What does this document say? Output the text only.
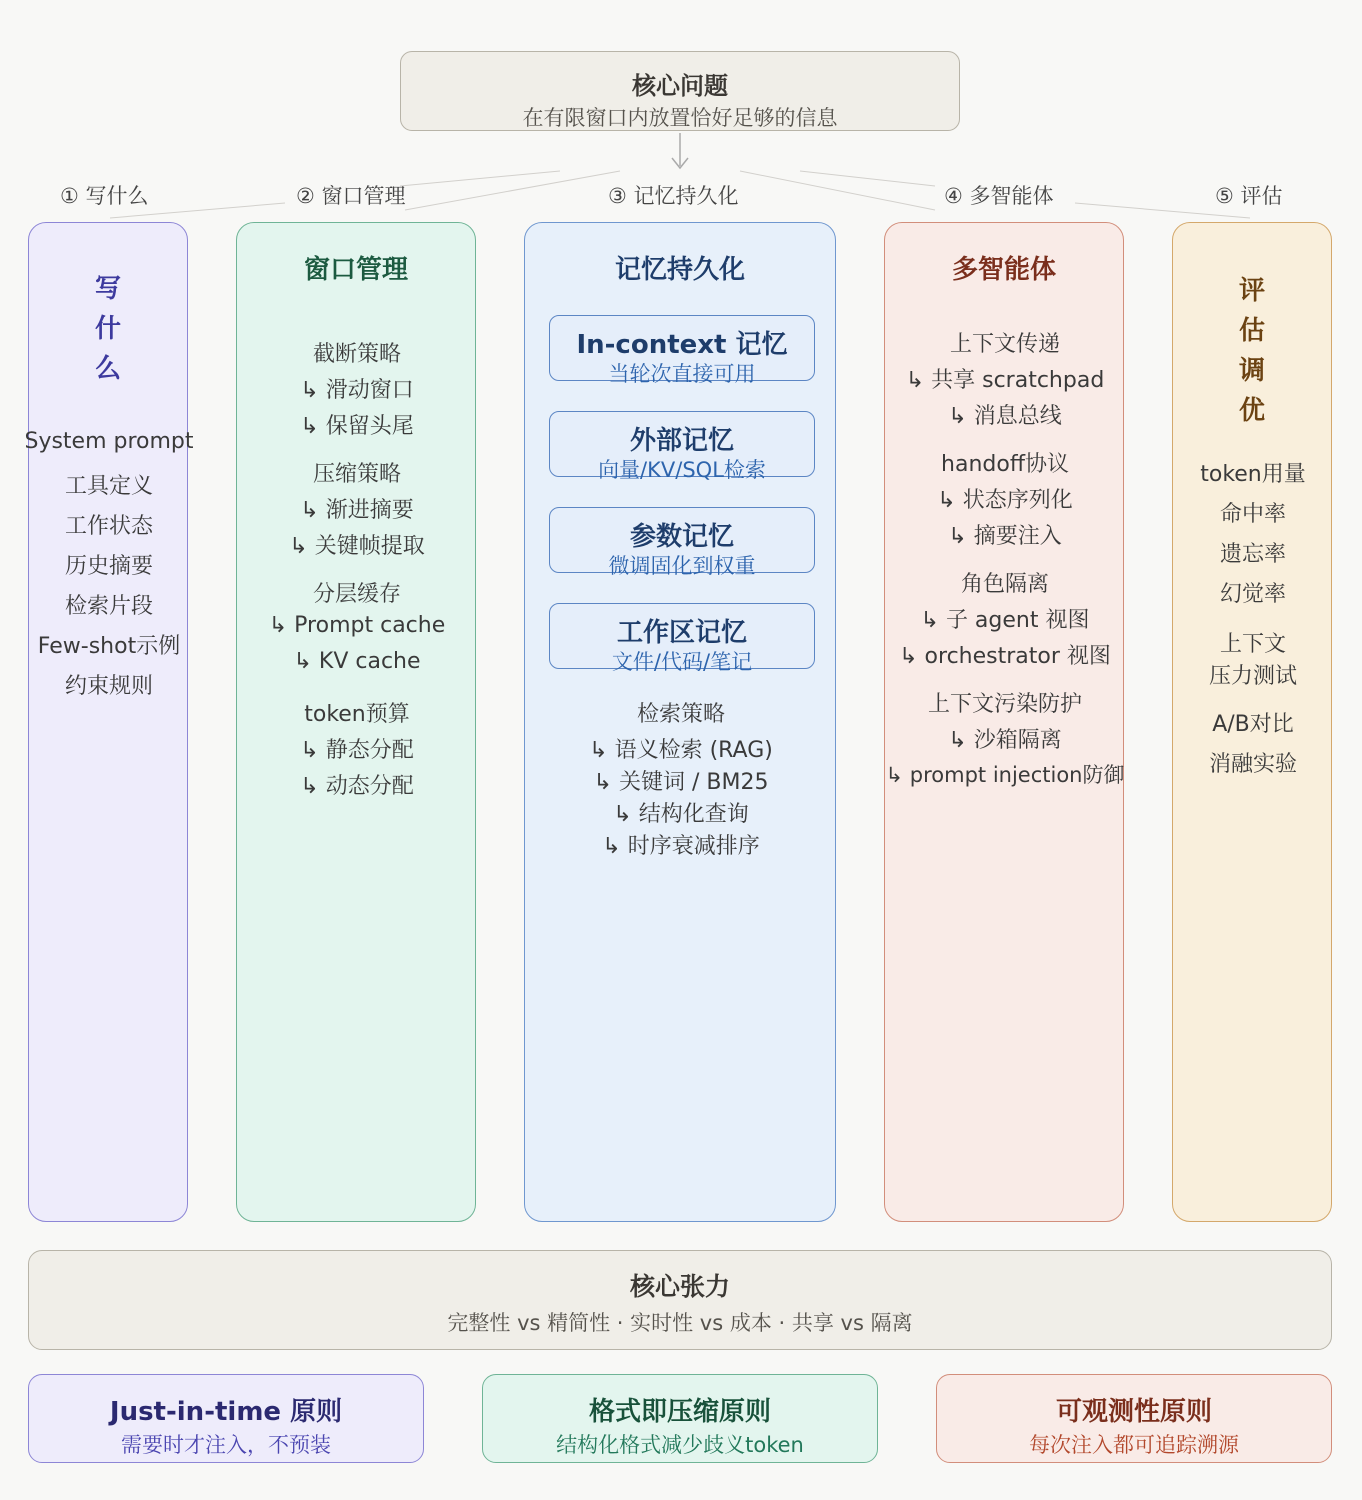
核心问题
在有限窗口内放置恰好足够的信息
① 写什么	② 窗口管理	③ 记忆持久化	④ 多智能体	⑤ 评估
写
什
么
System prompt
工具定义
工作状态
历史摘要
检索片段
Few-shot示例
约束规则
窗口管理
截断策略
↳ 滑动窗口
↳ 保留头尾
压缩策略
↳ 渐进摘要
↳ 关键帧提取
分层缓存
↳ Prompt cache
↳ KV cache
token预算
↳ 静态分配
↳ 动态分配
记忆持久化
In-context 记忆
当轮次直接可用
外部记忆
向量/KV/SQL检索
参数记忆
微调固化到权重
工作区记忆
文件/代码/笔记
检索策略
↳ 语义检索 (RAG)
↳ 关键词 / BM25
↳ 结构化查询
↳ 时序衰减排序
多智能体
上下文传递
↳ 共享 scratchpad
↳ 消息总线
handoff协议
↳ 状态序列化
↳ 摘要注入
角色隔离
↳ 子 agent 视图
↳ orchestrator 视图
上下文污染防护
↳ 沙箱隔离
↳ prompt injection防御
评
估
调
优
token用量
命中率
遗忘率
幻觉率
上下文
压力测试
A/B对比
消融实验
核心张力
完整性 vs 精简性 · 实时性 vs 成本 · 共享 vs 隔离
Just-in-time 原则
需要时才注入，不预装
格式即压缩原则
结构化格式减少歧义token
可观测性原则
每次注入都可追踪溯源
